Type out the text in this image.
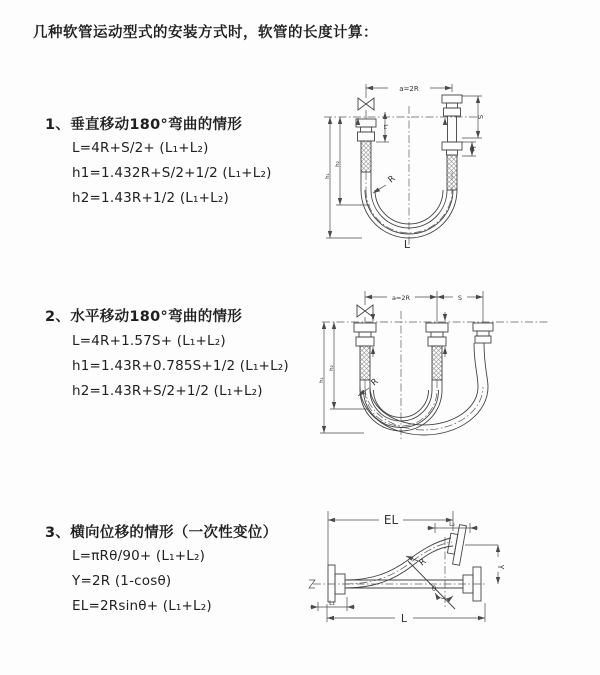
几种软管运动型式的安装方式时，软管的长度计算：
1、垂直移动180°弯曲的情形
L=4R+S/2+ (L₁+L₂)
h1=1.432R+S/2+1/2 (L₁+L₂)
h2=1.43R+1/2 (L₁+L₂)
2、水平移动180°弯曲的情形
L=4R+1.57S+ (L₁+L₂)
h1=1.43R+0.785S+1/2 (L₁+L₂)
h2=1.43R+S/2+1/2 (L₁+L₂)
3、横向位移的情形（一次性变位）
L=πRθ/90+ (L₁+L₂)
Y=2R (1-cosθ)
EL=2Rsinθ+ (L₁+L₂)
a=2R
S
L₂
L₁
h₁
h₂
R
L
a=2R	S
h₁
h₂
R
EL	L₂
Y
R
θ
L
L₁
